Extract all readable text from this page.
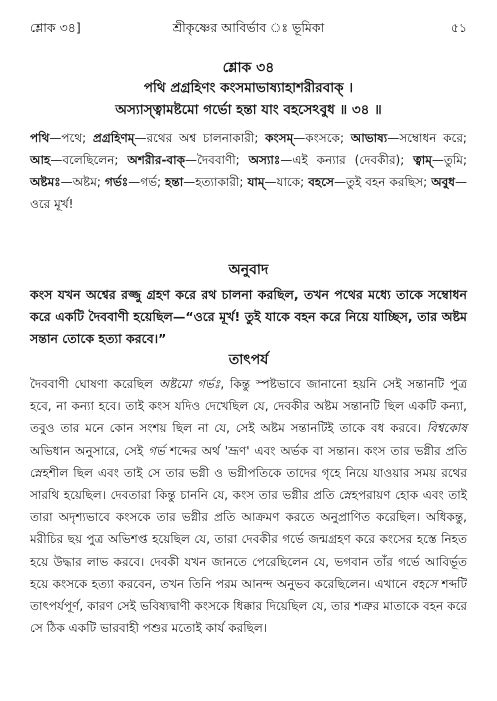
শ্লোক ৩৪]	শ্রীকৃষ্ণের আবির্ভাব ঃ ভূমিকা	৫১
শ্লোক ৩৪
পথি প্রগ্রহিণং কংসমাভাষ্যাহাশরীরবাক্‌ ।
অস্যাস্ত্বামষ্টমো গর্ভো হন্তা যাং বহসেঽবুধ ॥ ৩৪ ॥
পথি—পথে; প্রগ্রহিণম্‌—রথের অশ্ব চালনাকারী; কংসম্‌—কংসকে; আভাষ্য—সম্বোধন করে; আহ—বলেছিলেন; অশরীর-বাক্‌—দৈববাণী; অস্যাঃ—এই কন্যার (দেবকীর); ত্বাম্‌—তুমি; অষ্টমঃ—অষ্টম; গর্ভঃ—গর্ভ; হন্তা—হত্যাকারী; যাম্‌—যাকে; বহসে—তুই বহন করছিস; অবুধ—ওরে মূর্খ!
অনুবাদ
কংস যখন অশ্বের রজ্জু গ্রহণ করে রথ চালনা করছিল, তখন পথের মধ্যে তাকে সম্বোধন করে একটি দৈববাণী হয়েছিল—“ওরে মূর্খ! তুই যাকে বহন করে নিয়ে যাচ্ছিস, তার অষ্টম সন্তান তোকে হত্যা করবে।”
তাৎপর্য
দৈববাণী ঘোষণা করেছিল অষ্টমো গর্ভঃ, কিন্তু স্পষ্টভাবে জানানো হয়নি সেই সন্তানটি পুত্র হবে, না কন্যা হবে। তাই কংস যদিও দেখেছিল যে, দেবকীর অষ্টম সন্তানটি ছিল একটি কন্যা, তবুও তার মনে কোন সংশয় ছিল না যে, সেই অষ্টম সন্তানটিই তাকে বধ করবে। বিশ্বকোষ অভিধান অনুসারে, সেই গর্ভ শব্দের অর্থ 'ভ্রূণ' এবং অর্ভক বা সন্তান। কংস তার ভগ্নীর প্রতি স্নেহশীল ছিল এবং তাই সে তার ভগ্নী ও ভগ্নীপতিকে তাদের গৃহে নিয়ে যাওয়ার সময় রথের সারথি হয়েছিল। দেবতারা কিন্তু চাননি যে, কংস তার ভগ্নীর প্রতি স্নেহপরায়ণ হোক এবং তাই তারা অদৃশ্যভাবে কংসকে তার ভগ্নীর প্রতি আক্রমণ করতে অনুপ্রাণিত করেছিল। অধিকন্তু, মরীচির ছয় পুত্র অভিশপ্ত হয়েছিল যে, তারা দেবকীর গর্ভে জন্মগ্রহণ করে কংসের হস্তে নিহত হয়ে উদ্ধার লাভ করবে। দেবকী যখন জানতে পেরেছিলেন যে, ভগবান তাঁর গর্ভে আবির্ভূত হয়ে কংসকে হত্যা করবেন, তখন তিনি পরম আনন্দ অনুভব করেছিলেন। এখানে বহসে শব্দটি তাৎপর্যপূর্ণ, কারণ সেই ভবিষ্যদ্বাণী কংসকে ধিক্কার দিয়েছিল যে, তার শত্রুর মাতাকে বহন করে সে ঠিক একটি ভারবাহী পশুর মতোই কার্য করছিল।
